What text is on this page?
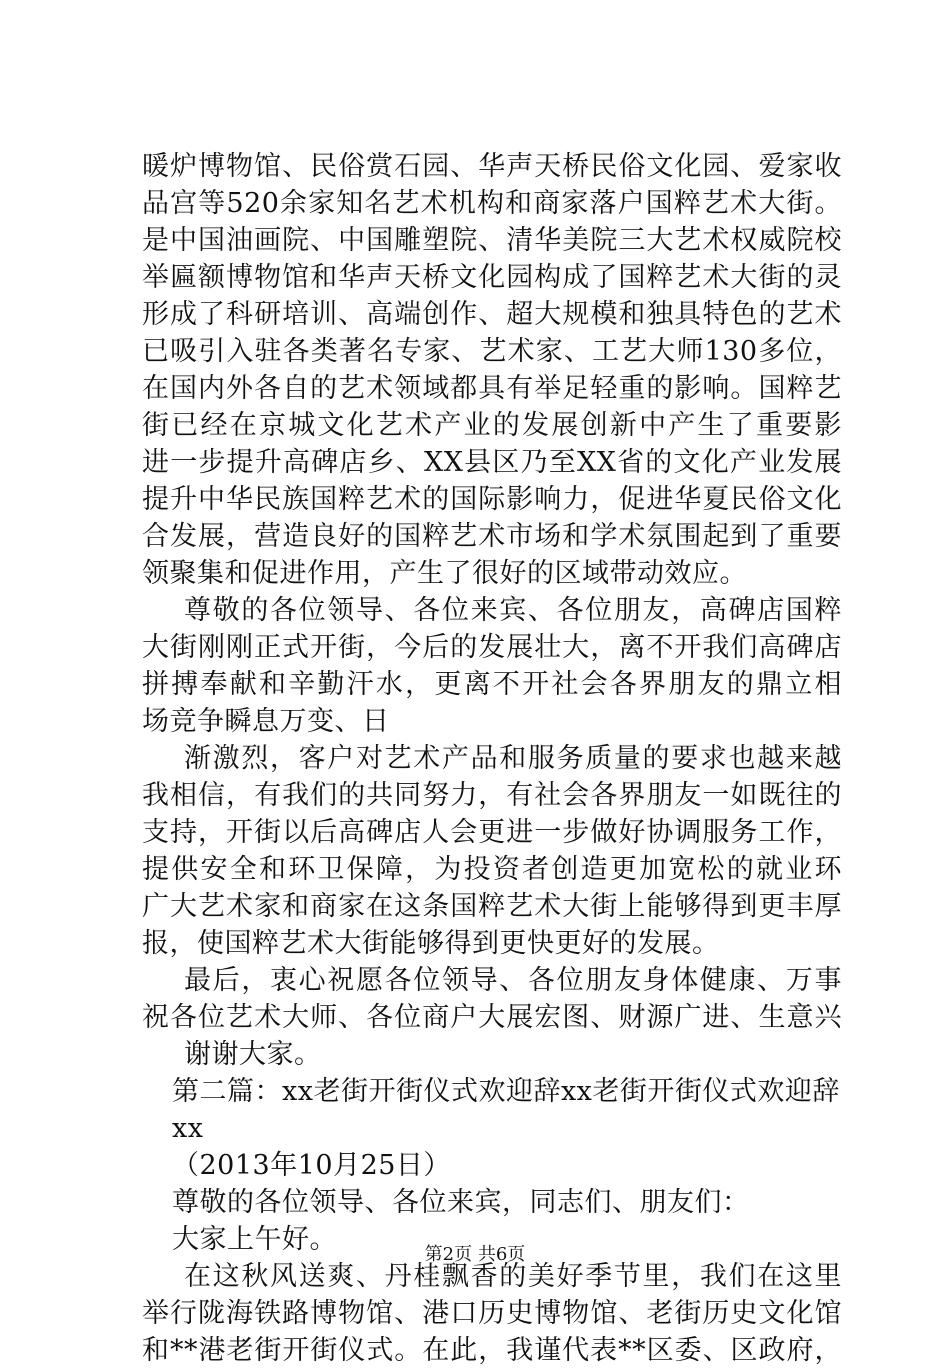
暖炉博物馆、民俗赏石园、华声天桥民俗文化园、爱家收
品宫等520余家知名艺术机构和商家落户国粹艺术大街。
是中国油画院、中国雕塑院、清华美院三大艺术权威院校
举匾额博物馆和华声天桥文化园构成了国粹艺术大街的灵
形成了科研培训、高端创作、超大规模和独具特色的艺术
已吸引入驻各类著名专家、艺术家、工艺大师130多位，
在国内外各自的艺术领域都具有举足轻重的影响。国粹艺
街已经在京城文化艺术产业的发展创新中产生了重要影
进一步提升高碑店乡、XX县区乃至XX省的文化产业发展
提升中华民族国粹艺术的国际影响力，促进华夏民俗文化
合发展，营造良好的国粹艺术市场和学术氛围起到了重要
领聚集和促进作用，产生了很好的区域带动效应。
尊敬的各位领导、各位来宾、各位朋友，高碑店国粹
大街刚刚正式开街，今后的发展壮大，离不开我们高碑店
拼搏奉献和辛勤汗水，更离不开社会各界朋友的鼎立相
场竞争瞬息万变、日
渐激烈，客户对艺术产品和服务质量的要求也越来越
我相信，有我们的共同努力，有社会各界朋友一如既往的
支持，开街以后高碑店人会更进一步做好协调服务工作，
提供安全和环卫保障，为投资者创造更加宽松的就业环
广大艺术家和商家在这条国粹艺术大街上能够得到更丰厚
报，使国粹艺术大街能够得到更快更好的发展。
最后，衷心祝愿各位领导、各位朋友身体健康、万事
祝各位艺术大师、各位商户大展宏图、财源广进、生意兴
谢谢大家。
第二篇：xx老街开街仪式欢迎辞xx老街开街仪式欢迎辞
xx
（2013年10月25日）
尊敬的各位领导、各位来宾，同志们、朋友们：
大家上午好。
在这秋风送爽、丹桂飘香的美好季节里，我们在这里
举行陇海铁路博物馆、港口历史博物馆、老街历史文化馆
和**港老街开街仪式。在此，我谨代表**区委、区政府，
第2页 共6页
